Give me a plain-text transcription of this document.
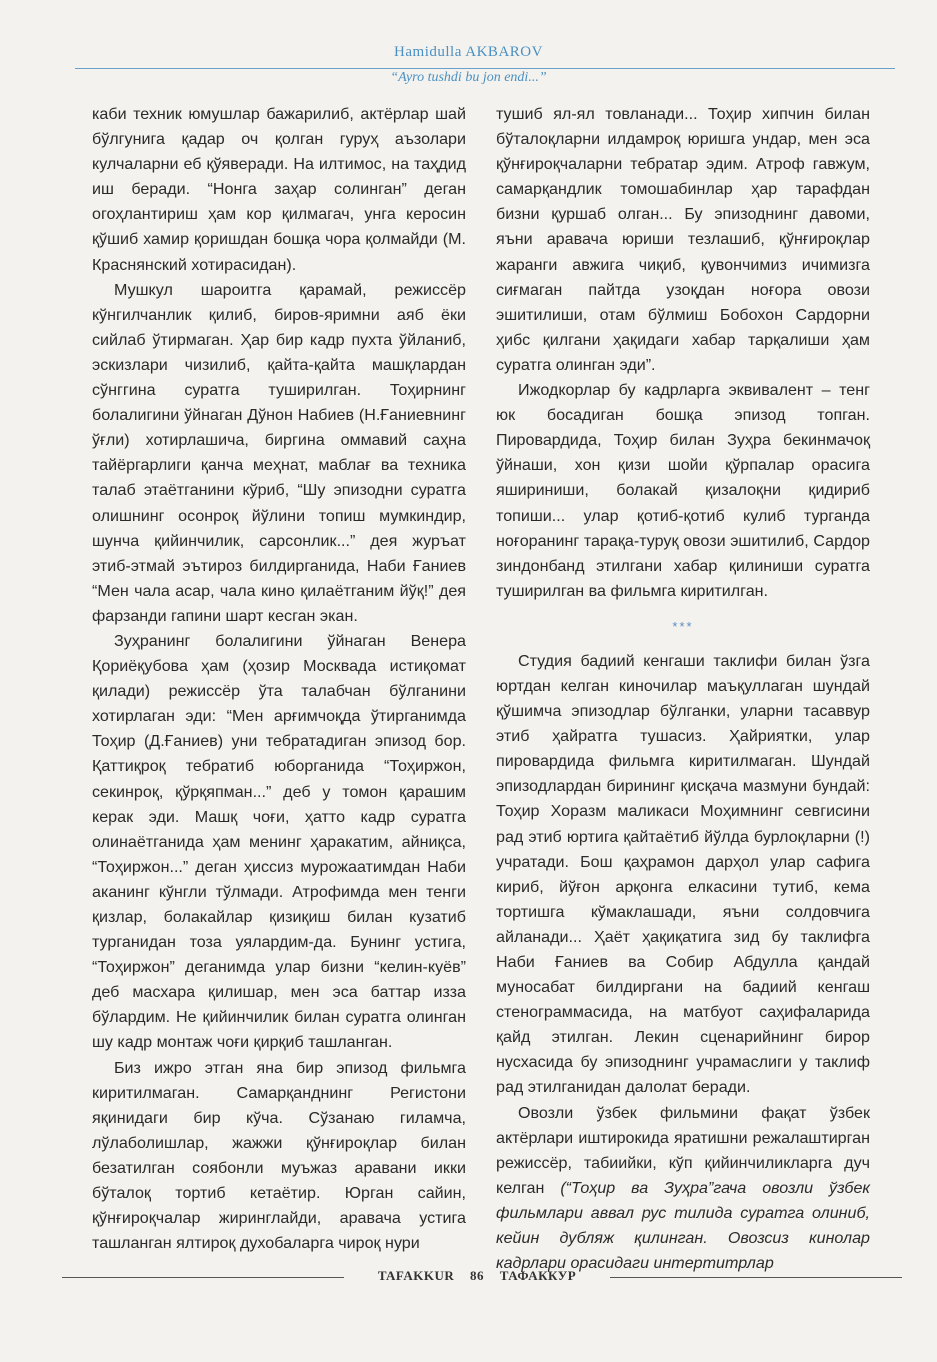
Hamidulla AKBAROV
“Ayro tushdi bu jon endi...”

каби техник юмушлар бажарилиб, актёрлар шай бўлгунига қадар оч қолган гуруҳ аъзолари кулчаларни еб қўяверади. На илтимос, на таҳдид иш беради. “Нонга заҳар солинган” деган огоҳлантириш ҳам кор қилмагач, унга керосин қўшиб хамир қоришдан бошқа чора қолмайди (М. Краснянский хотирасидан).

Мушкул шароитга қарамай, режиссёр кўнгилчанлик қилиб, биров-яримни аяб ёки сийлаб ўтирмаган. Ҳар бир кадр пухта ўйланиб, эскизлари чизилиб, қайта-қайта машқлардан сўнггина суратга туширилган. Тоҳирнинг болалигини ўйнаган Дўнон Набиев (Н.Ғаниевнинг ўғли) хотирлашича, биргина оммавий саҳна тайёргарлиги қанча меҳнат, маблағ ва техника талаб этаётганини кўриб, “Шу эпизодни суратга олишнинг осонроқ йўлини топиш мумкиндир, шунча қийинчилик, сарсонлик...” дея журъат этиб-этмай эътироз билдирганида, Наби Ғаниев “Мен чала асар, чала кино қилаётганим йўқ!” дея фарзанди гапини шарт кесган экан.

Зуҳранинг болалигини ўйнаган Венера Қориёқубова ҳам (ҳозир Москвада истиқомат қилади) режиссёр ўта талабчан бўлганини хотирлаган эди: “Мен арғимчоқда ўтирганимда Тоҳир (Д.Ғаниев) уни тебратадиган эпизод бор. Қаттиқроқ тебратиб юборганида “Тоҳиржон, секинроқ, қўрқяпман...” деб у томон қарашим керак эди. Машқ чоғи, ҳатто кадр суратга олинаётганида ҳам менинг ҳаракатим, айниқса, “Тоҳиржон...” деган ҳиссиз мурожаатимдан Наби аканинг кўнгли тўлмади. Атрофимда мен тенги қизлар, болакайлар қизиқиш билан кузатиб турганидан тоза уялардим-да. Бунинг устига, “Тоҳиржон” деганимда улар бизни “келин-куёв” деб масхара қилишар, мен эса баттар изза бўлардим. Не қийинчилик билан суратга олинган шу кадр монтаж чоғи қирқиб ташланган.

Биз ижро этган яна бир эпизод фильмга киритилмаган. Самарқанднинг Регистони яқинидаги бир кўча. Сўзанаю гиламча, лўлаболишлар, жажжи қўнғироқлар билан безатилган соябонли муъжаз аравани икки бўталоқ тортиб кетаётир. Юрган сайин, қўнғироқчалар жиринглайди, аравача устига ташланган ялтироқ духобаларга чироқ нури

тушиб ял-ял товланади... Тоҳир хипчин билан бўталоқларни илдамроқ юришга ундар, мен эса қўнғироқчаларни тебратар эдим. Атроф гавжум, самарқандлик томошабинлар ҳар тарафдан бизни қуршаб олган... Бу эпизоднинг давоми, яъни аравача юриши тезлашиб, қўнғироқлар жаранги авжига чиқиб, қувончимиз ичимизга сиғмаган пайтда узоқдан ноғора овози эшитилиши, отам бўлмиш Бобохон Сардорни ҳибс қилгани ҳақидаги хабар тарқалиши ҳам суратга олинган эди”.

Ижодкорлар бу кадрларга эквивалент – тенг юк босадиган бошқа эпизод топган. Пировардида, Тоҳир билан Зуҳра бекинмачоқ ўйнаши, хон қизи шойи қўрпалар орасига яшириниши, болакай қизалоқни қидириб топиши... улар қотиб-қотиб кулиб турганда ноғоранинг тарақа-туруқ овози эшитилиб, Сардор зиндонбанд этилгани хабар қилиниши суратга туширилган ва фильмга киритилган.

***

Студия бадиий кенгаши таклифи билан ўзга юртдан келган киночилар маъқуллаган шундай қўшимча эпизодлар бўлганки, уларни тасаввур этиб ҳайратга тушасиз. Ҳайриятки, улар пировардида фильмга киритилмаган. Шундай эпизодлардан бирининг қисқача мазмуни бундай: Тоҳир Хоразм маликаси Моҳимнинг севгисини рад этиб юртига қайтаётиб йўлда бурлоқларни (!) учратади. Бош қаҳрамон дарҳол улар сафига кириб, йўғон арқонга елкасини тутиб, кема тортишга кўмаклашади, яъни солдовчига айланади... Ҳаёт ҳақиқатига зид бу таклифга Наби Ғаниев ва Собир Абдулла қандай муносабат билдиргани на бадиий кенгаш стенограммасида, на матбуот саҳифаларида қайд этилган. Лекин сценарийнинг бирор нусхасида бу эпизоднинг учрамаслиги у таклиф рад этилганидан далолат беради.

Овозли ўзбек фильмини фақат ўзбек актёрлари иштирокида яратишни режалаштирган режиссёр, табиийки, кўп қийинчиликларга дуч келган (“Тоҳир ва Зуҳра”гача овозли ўзбек фильмлари аввал рус тилида суратга олиниб, кейин дубляж қилинган. Овозсиз кинолар кадрлари орасидаги интертитрлар

TAFAKKUR 86 ТАФАККУР
